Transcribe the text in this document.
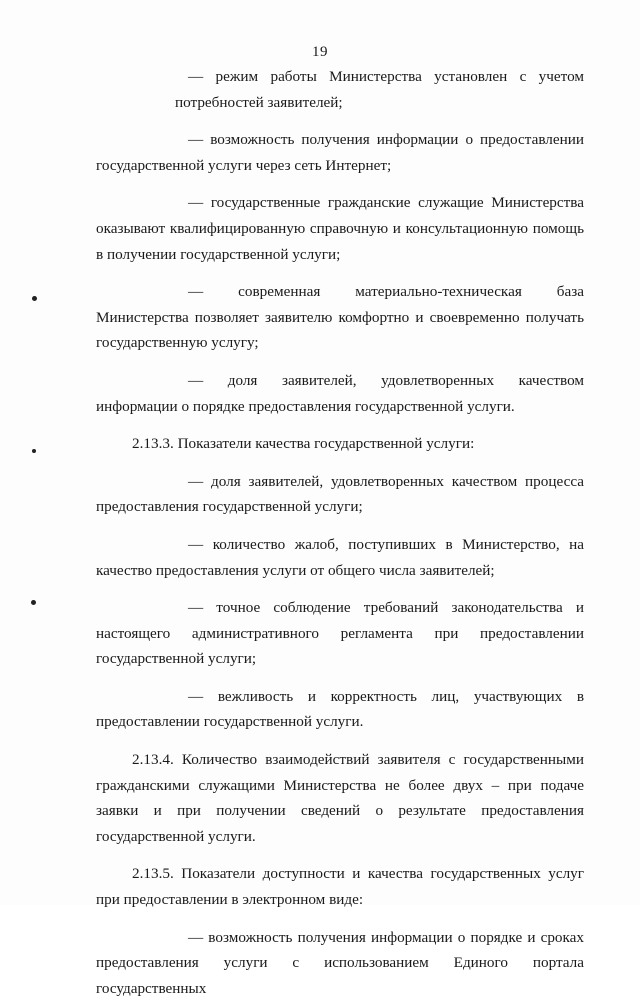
19
— режим работы Министерства установлен с учетом
потребностей заявителей;

— возможность получения информации о предоставлении государственной услуги через сеть Интернет;

— государственные гражданские служащие Министерства оказывают квалифицированную справочную и консультационную помощь в получении государственной услуги;

— современная материально-техническая база Министерства позволяет заявителю комфортно и своевременно получать государственную услугу;

— доля заявителей, удовлетворенных качеством информации о порядке предоставления государственной услуги.

2.13.3. Показатели качества государственной услуги:

— доля заявителей, удовлетворенных качеством процесса предоставления государственной услуги;

— количество жалоб, поступивших в Министерство, на качество предоставления услуги от общего числа заявителей;

— точное соблюдение требований законодательства и настоящего административного регламента при предоставлении государственной услуги;

— вежливость и корректность лиц, участвующих в предоставлении государственной услуги.

2.13.4. Количество взаимодействий заявителя с государственными гражданскими служащими Министерства не более двух – при подаче заявки и при получении сведений о результате предоставления государственной услуги.

2.13.5. Показатели доступности и качества государственных услуг при предоставлении в электронном виде:

— возможность получения информации о порядке и сроках предоставления услуги с использованием Единого портала государственных
